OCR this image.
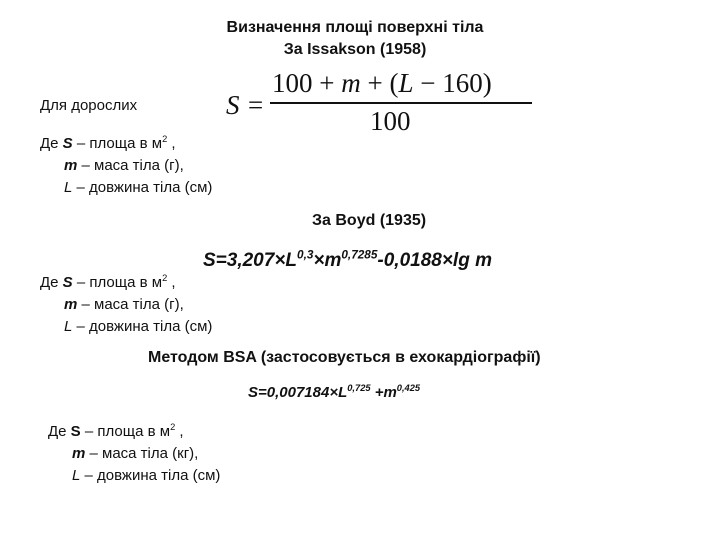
Визначення площі поверхні тіла
За Issakson (1958)
Для дорослих	S =
100 + m + (L − 160)
100
Де S – площа в $м^2$ ,
m – маса тіла (г),
L – довжина тіла (см)
За Boyd (1935)
$S=3,207\times L^{0,3}\times m^{0,7285}-0,0188\times\lg$ m
Де S – площа в $м^2$ ,
m – маса тіла (г),
L – довжина тіла (см)
Методом BSA (застосовується в ехокардіографії)
$S=0,007184\times L^{0,725} +m^{0,425}$
Де S – площа в $м^2$ ,
m – маса тіла (кг),
L – довжина тіла (см)
